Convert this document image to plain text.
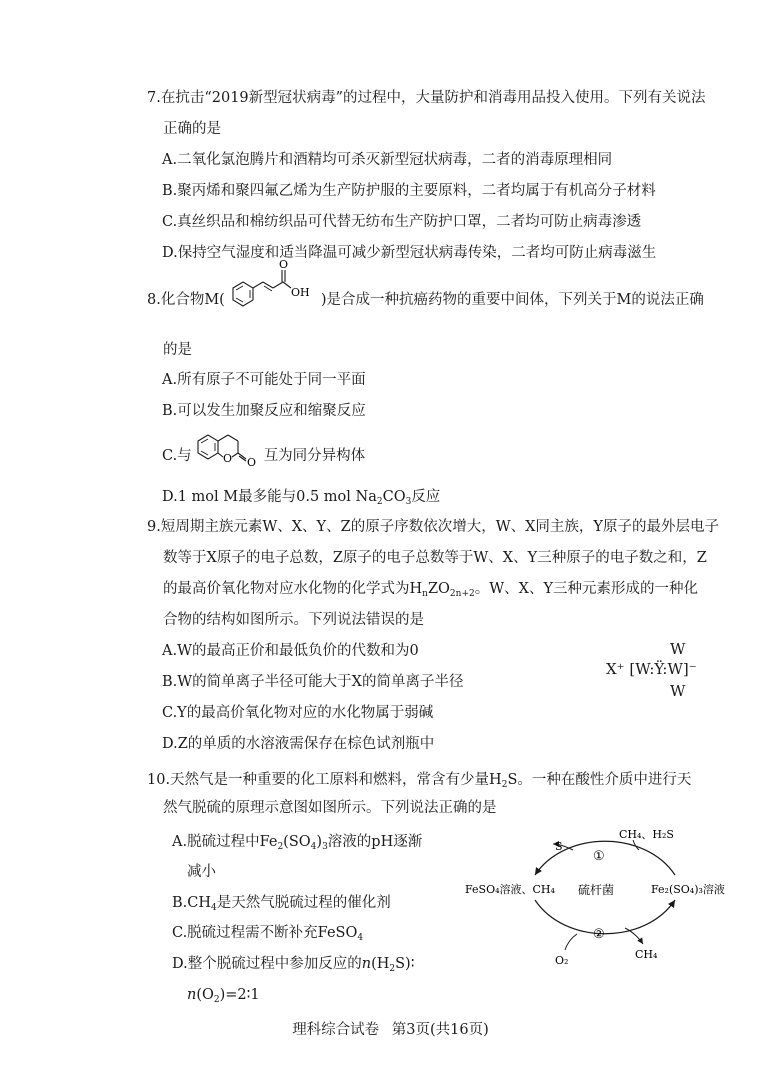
7.在抗击“2019新型冠状病毒”的过程中，大量防护和消毒用品投入使用。下列有关说法
正确的是
A.二氧化氯泡腾片和酒精均可杀灭新型冠状病毒，二者的消毒原理相同
B.聚丙烯和聚四氟乙烯为生产防护服的主要原料，二者均属于有机高分子材料
C.真丝织品和棉纺织品可代替无纺布生产防护口罩，二者均可防止病毒渗透
D.保持空气湿度和适当降温可减少新型冠状病毒传染，二者均可防止病毒滋生
8.化合物M(
O
OH )是合成一种抗癌药物的重要中间体，下列关于M的说法正确
的是
A.所有原子不可能处于同一平面
B.可以发生加聚反应和缩聚反应
C.与	O O 互为同分异构体
D.1 mol M最多能与0.5 mol $Na_2CO_3$反应
9.短周期主族元素W、X、Y、Z的原子序数依次增大，W、X同主族，Y原子的最外层电子
数等于X原子的电子总数，Z原子的电子总数等于W、X、Y三种原子的电子数之和，Z
的最高价氧化物对应水化物的化学式为$H_nZO_{2n+2}$。W、X、Y三种元素形成的一种化
合物的结构如图所示。下列说法错误的是
A.W的最高正价和最低负价的代数和为0
B.W的简单离子半径可能大于X的简单离子半径
C.Y的最高价氧化物对应的水化物属于弱碱
D.Z的单质的水溶液需保存在棕色试剂瓶中
W
X⁺ [W:Ÿ:W]⁻
W
10.天然气是一种重要的化工原料和燃料，常含有少量$H_2S$。一种在酸性介质中进行天
然气脱硫的原理示意图如图所示。下列说法正确的是
A.脱硫过程中$Fe_2(SO_4)_3$溶液的pH逐渐
减小
$B.CH_4$是天然气脱硫过程的催化剂
C.脱硫过程需不断补充FeSO$_4$
D.整个脱硫过程中参加反应的$n(H_2S)∶$
$n(O_2)=2∶1$
S
CH₄、H₂S
①
FeSO₄溶液、CH₄ 硫杆菌	Fe₂(SO₄)₃溶液
②
O₂	CH₄
理科综合试卷 第3页(共16页)
